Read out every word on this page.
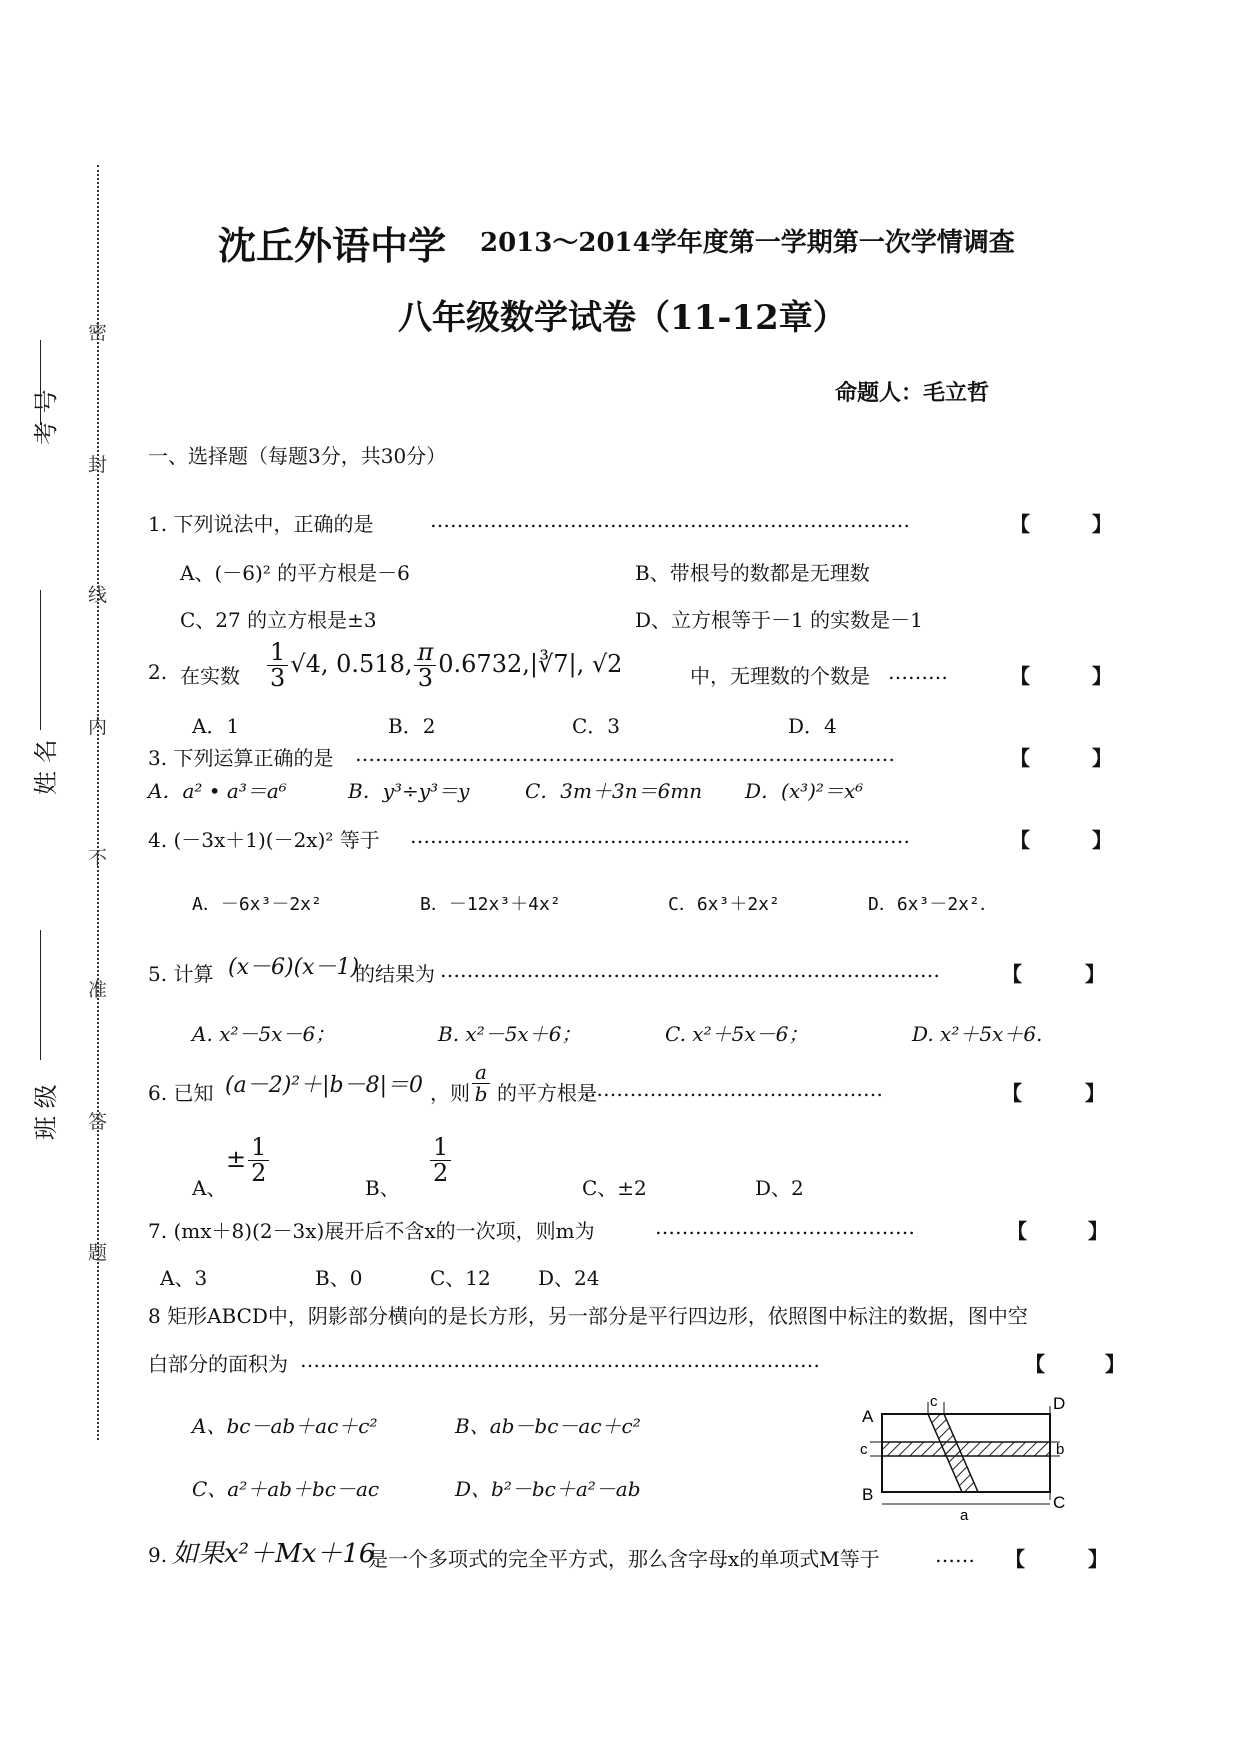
考 号
姓 名
班 级
密
封
线
内
不
准
答
题
沈丘外语中学 2013～2014学年度第一学期第一次学情调查
八年级数学试卷（11-12章）
命题人：毛立哲
一、选择题（每题3分，共30分）
1. 下列说法中，正确的是	………………………………………………………………	【	】
A、(－6)² 的平方根是－6	B、带根号的数都是无理数
C、27 的立方根是±3	D、立方根等于－1 的实数是－1
2. 在实数 $\frac{1}{3} √4$, 0.518, $\frac{\pi}{3}$ 0.6732,|∛7|, √2	中，无理数的个数是 ………	【	】
A．1	B．2	C．3	D．4
3. 下列运算正确的是 ………………………………………………………………………	【	】
A．a² • a³＝a⁶	B．y³÷y³＝y	C．3m＋3n＝6mn D．(x³)²＝x⁶
4. (－3x＋1)(－2x)² 等于 …………………………………………………………………	【	】
A．－6x³－2x²	B．－12x³＋4x²	C．6x³＋2x²	D．6x³－2x²．
5. 计算 (x－6)(x－1)
的结果为 …………………………………………………………………	【	】
A. x²－5x－6；	B. x²－5x＋6；	C. x²＋5x－6；	D. x²＋5x＋6.
6. 已知 (a－2)²＋|b－8|＝0 ，则 $\frac{a}{b}$ 的平方根是
………………………………………	【	】
A、
± $\frac{1}{2}$
B、
$\frac{1}{2}$
C、±2	D、2
7. (mx＋8)(2－3x)展开后不含x的一次项，则m为	…………………………………	【	】
A、3	B、0	C、12 D、24
8 矩形ABCD中，阴影部分横向的是长方形，另一部分是平行四边形，依照图中标注的数据，图中空
白部分的面积为 ……………………………………………………………………	【	】
A、bc－ab＋ac＋c²	B、ab－bc－ac＋c²
C、a²＋ab＋bc－ac	D、b²－bc＋a²－ab
A
B	C
D
c
c	b
a
9. 如果x²＋Mx＋16
是一个多项式的完全平方式，那么含字母x的单项式M等于	…… 【	】
